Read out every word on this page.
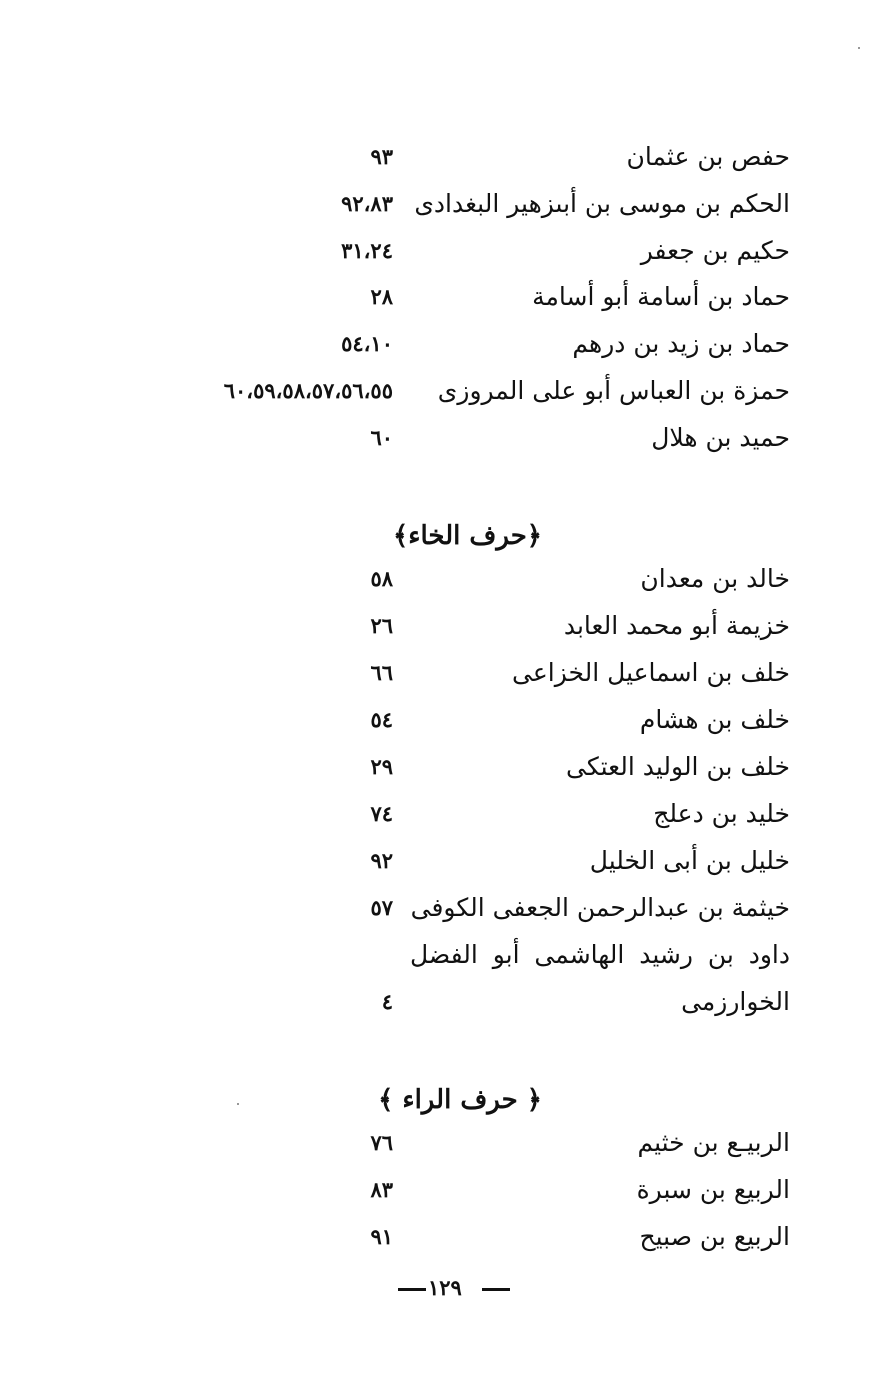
حفص بن عثمان
٩٣
الحكم بن موسى بن أبىزهير البغدادى
٩٢،٨٣
حكيم بن جعفر
٣١،٢٤
حماد بن أسامة أبو أسامة
٢٨
حماد بن زيد بن درهم
٥٤،١٠
حمزة بن العباس أبو على المروزى
٦٠،٥٩،٥٨،٥٧،٥٦،٥٥
حميد بن هلال
٦٠
﴿حرف الخاء﴾
خالد بن معدان
٥٨
خزيمة أبو محمد العابد
٢٦
خلف بن اسماعيل الخزاعى
٦٦
خلف بن هشام
٥٤
خلف بن الوليد العتكى
٢٩
خليد بن دعلج
٧٤
خليل بن أبى الخليل
٩٢
خيثمة بن عبدالرحمن الجعفى الكوفى
٥٧
داود بن رشيد الهاشمى أبو الفضل
الخوارزمى
٤
﴿ حرف الراء ﴾
الربيـع بن خثيم
٧٦
الربيع بن سبرة
٨٣
الربيع بن صبيح
٩١
١٢٩
